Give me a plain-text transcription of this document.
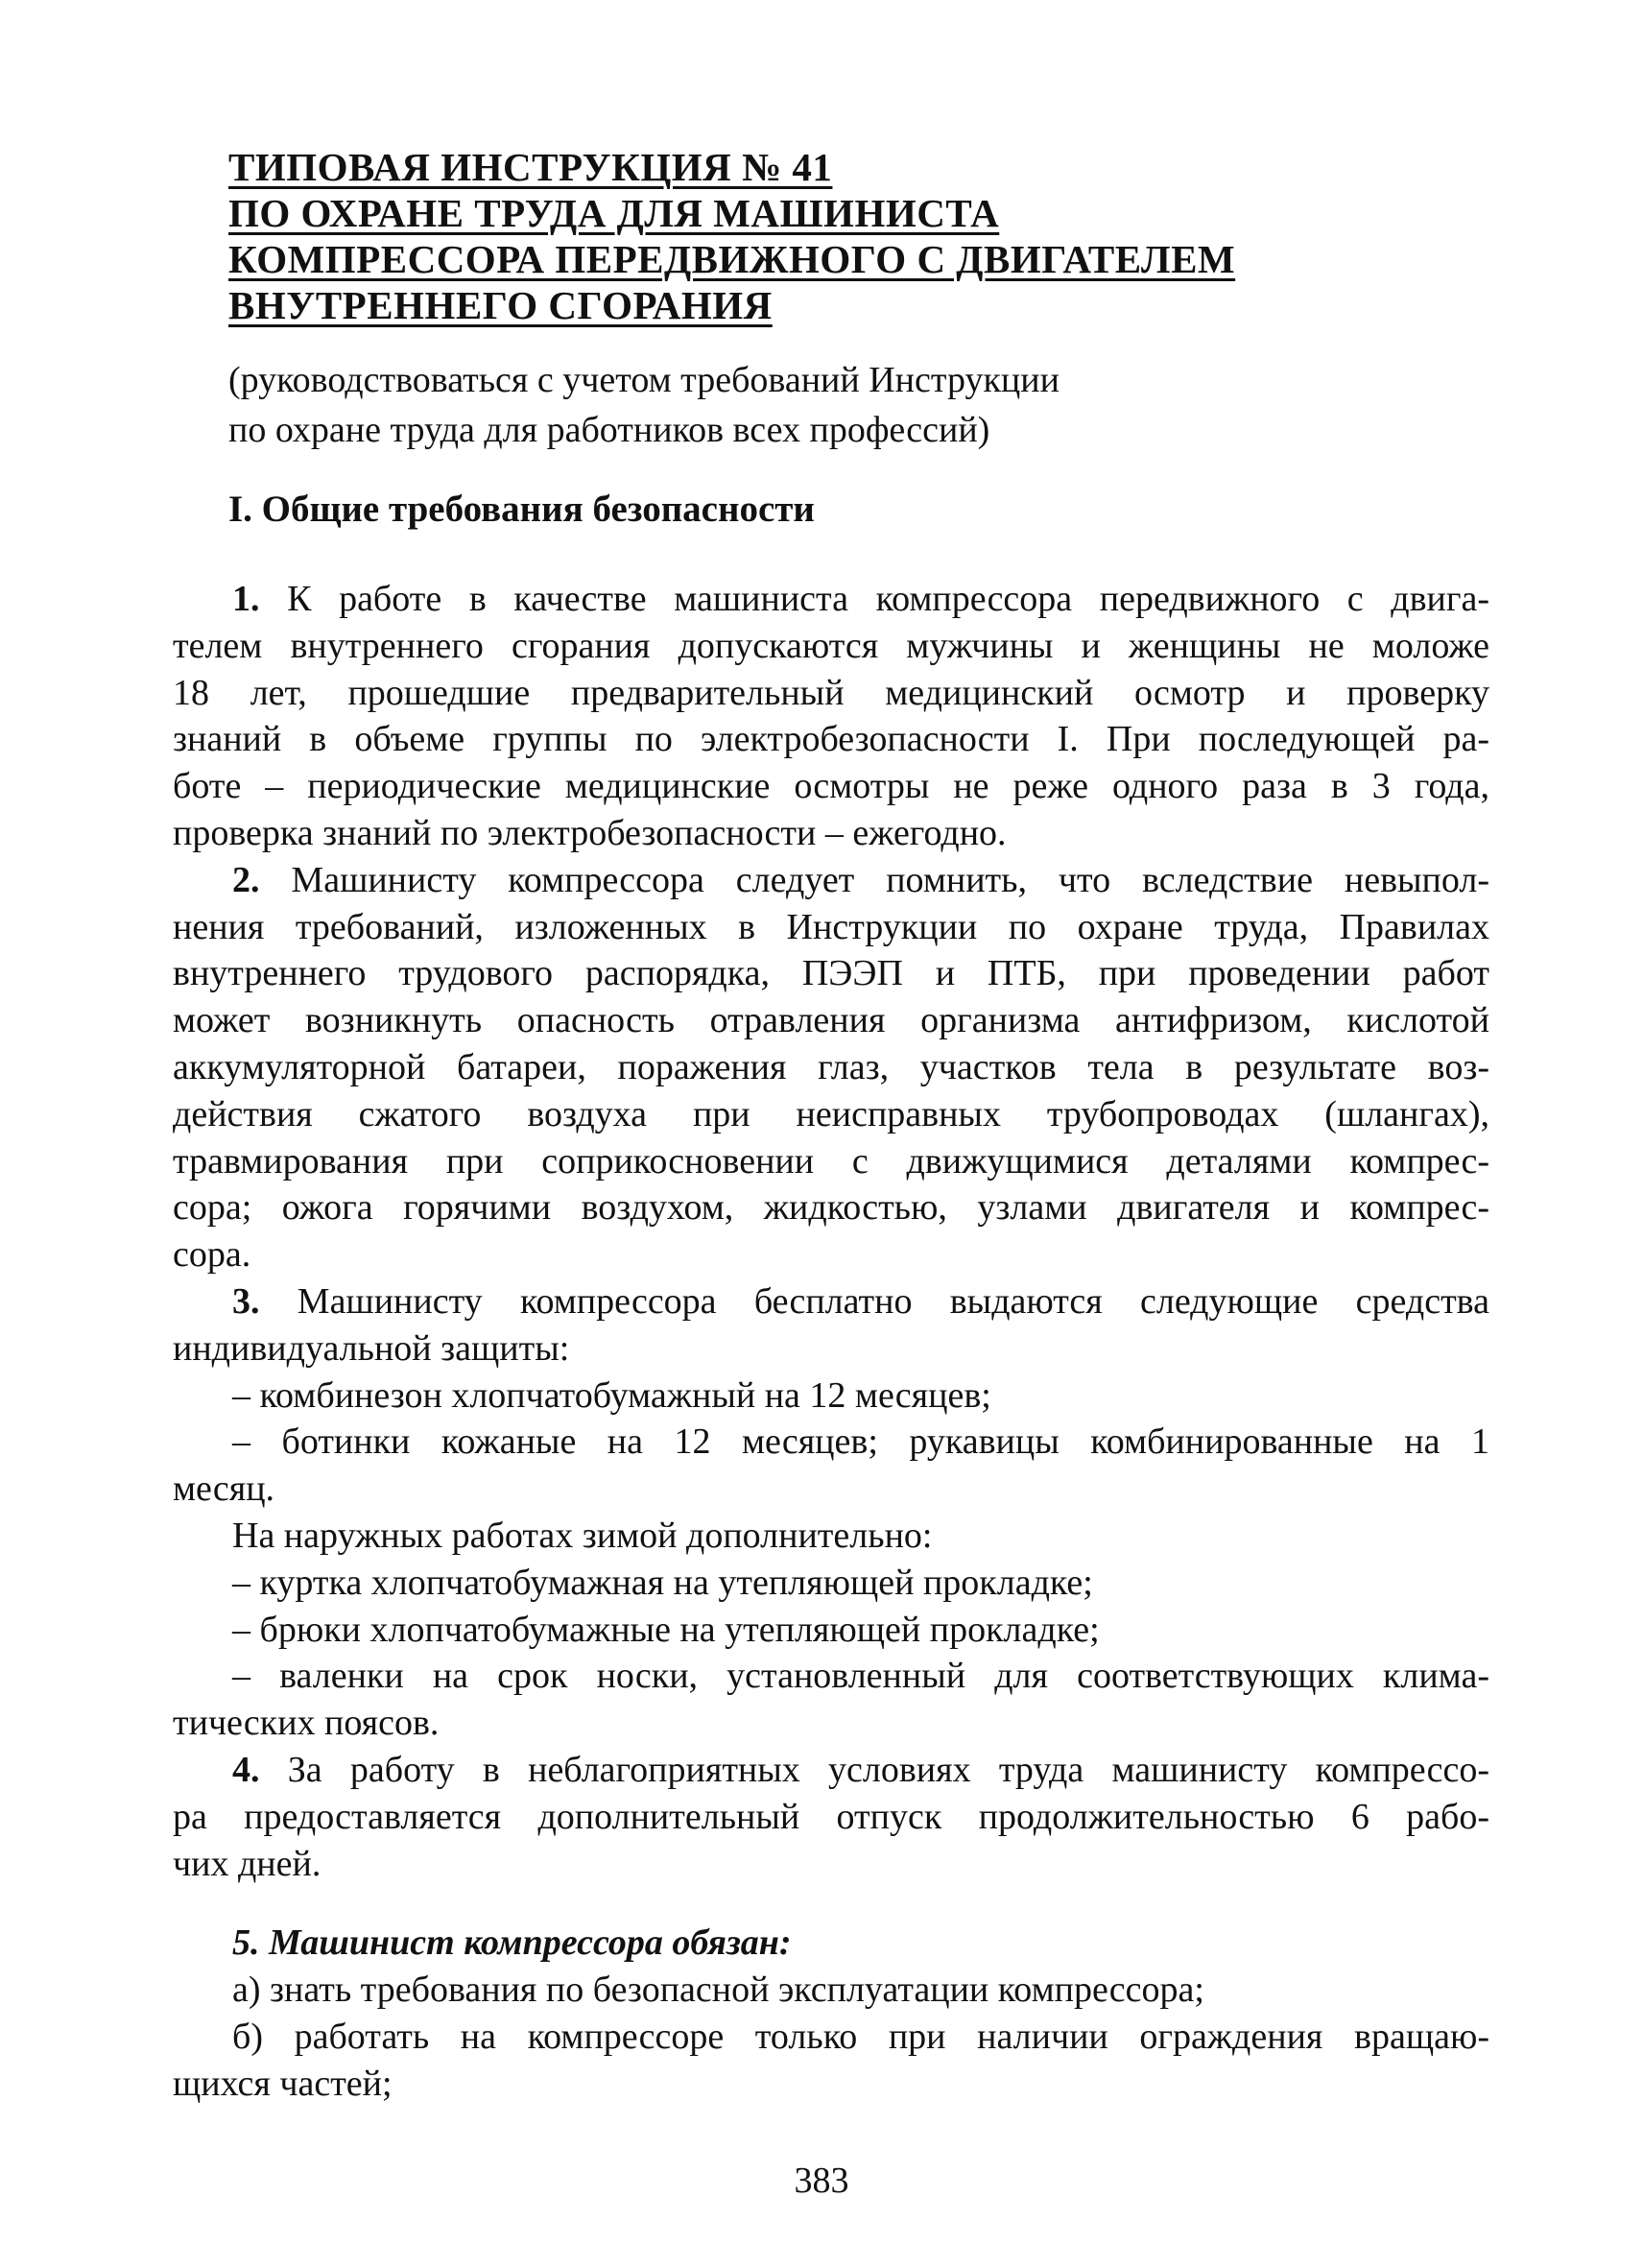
ТИПОВАЯ ИНСТРУКЦИЯ № 41
ПО ОХРАНЕ ТРУДА ДЛЯ МАШИНИСТА
КОМПРЕССОРА ПЕРЕДВИЖНОГО С ДВИГАТЕЛЕМ
ВНУТРЕННЕГО СГОРАНИЯ
(руководствоваться с учетом требований Инструкции
по охране труда для работников всех профессий)
I. Общие требования безопасности
1. К работе в качестве машиниста компрессора передвижного с двига-
телем внутреннего сгорания допускаются мужчины и женщины не моложе
18 лет, прошедшие предварительный медицинский осмотр и проверку
знаний в объеме группы по электробезопасности I. При последующей ра-
боте – периодические медицинские осмотры не реже одного раза в 3 года,
проверка знаний по электробезопасности – ежегодно.
2. Машинисту компрессора следует помнить, что вследствие невыпол-
нения требований, изложенных в Инструкции по охране труда, Правилах
внутреннего трудового распорядка, ПЭЭП и ПТБ, при проведении работ
может возникнуть опасность отравления организма антифризом, кислотой
аккумуляторной батареи, поражения глаз, участков тела в результате воз-
действия сжатого воздуха при неисправных трубопроводах (шлангах),
травмирования при соприкосновении с движущимися деталями компрес-
сора; ожога горячими воздухом, жидкостью, узлами двигателя и компрес-
сора.
3. Машинисту компрессора бесплатно выдаются следующие средства
индивидуальной защиты:
– комбинезон хлопчатобумажный на 12 месяцев;
– ботинки кожаные на 12 месяцев; рукавицы комбинированные на 1
месяц.
На наружных работах зимой дополнительно:
– куртка хлопчатобумажная на утепляющей прокладке;
– брюки хлопчатобумажные на утепляющей прокладке;
– валенки на срок носки, установленный для соответствующих клима-
тических поясов.
4. За работу в неблагоприятных условиях труда машинисту компрессо-
ра предоставляется дополнительный отпуск продолжительностью 6 рабо-
чих дней.
5. Машинист компрессора обязан:
а) знать требования по безопасной эксплуатации компрессора;
б) работать на компрессоре только при наличии ограждения вращаю-
щихся частей;
383
